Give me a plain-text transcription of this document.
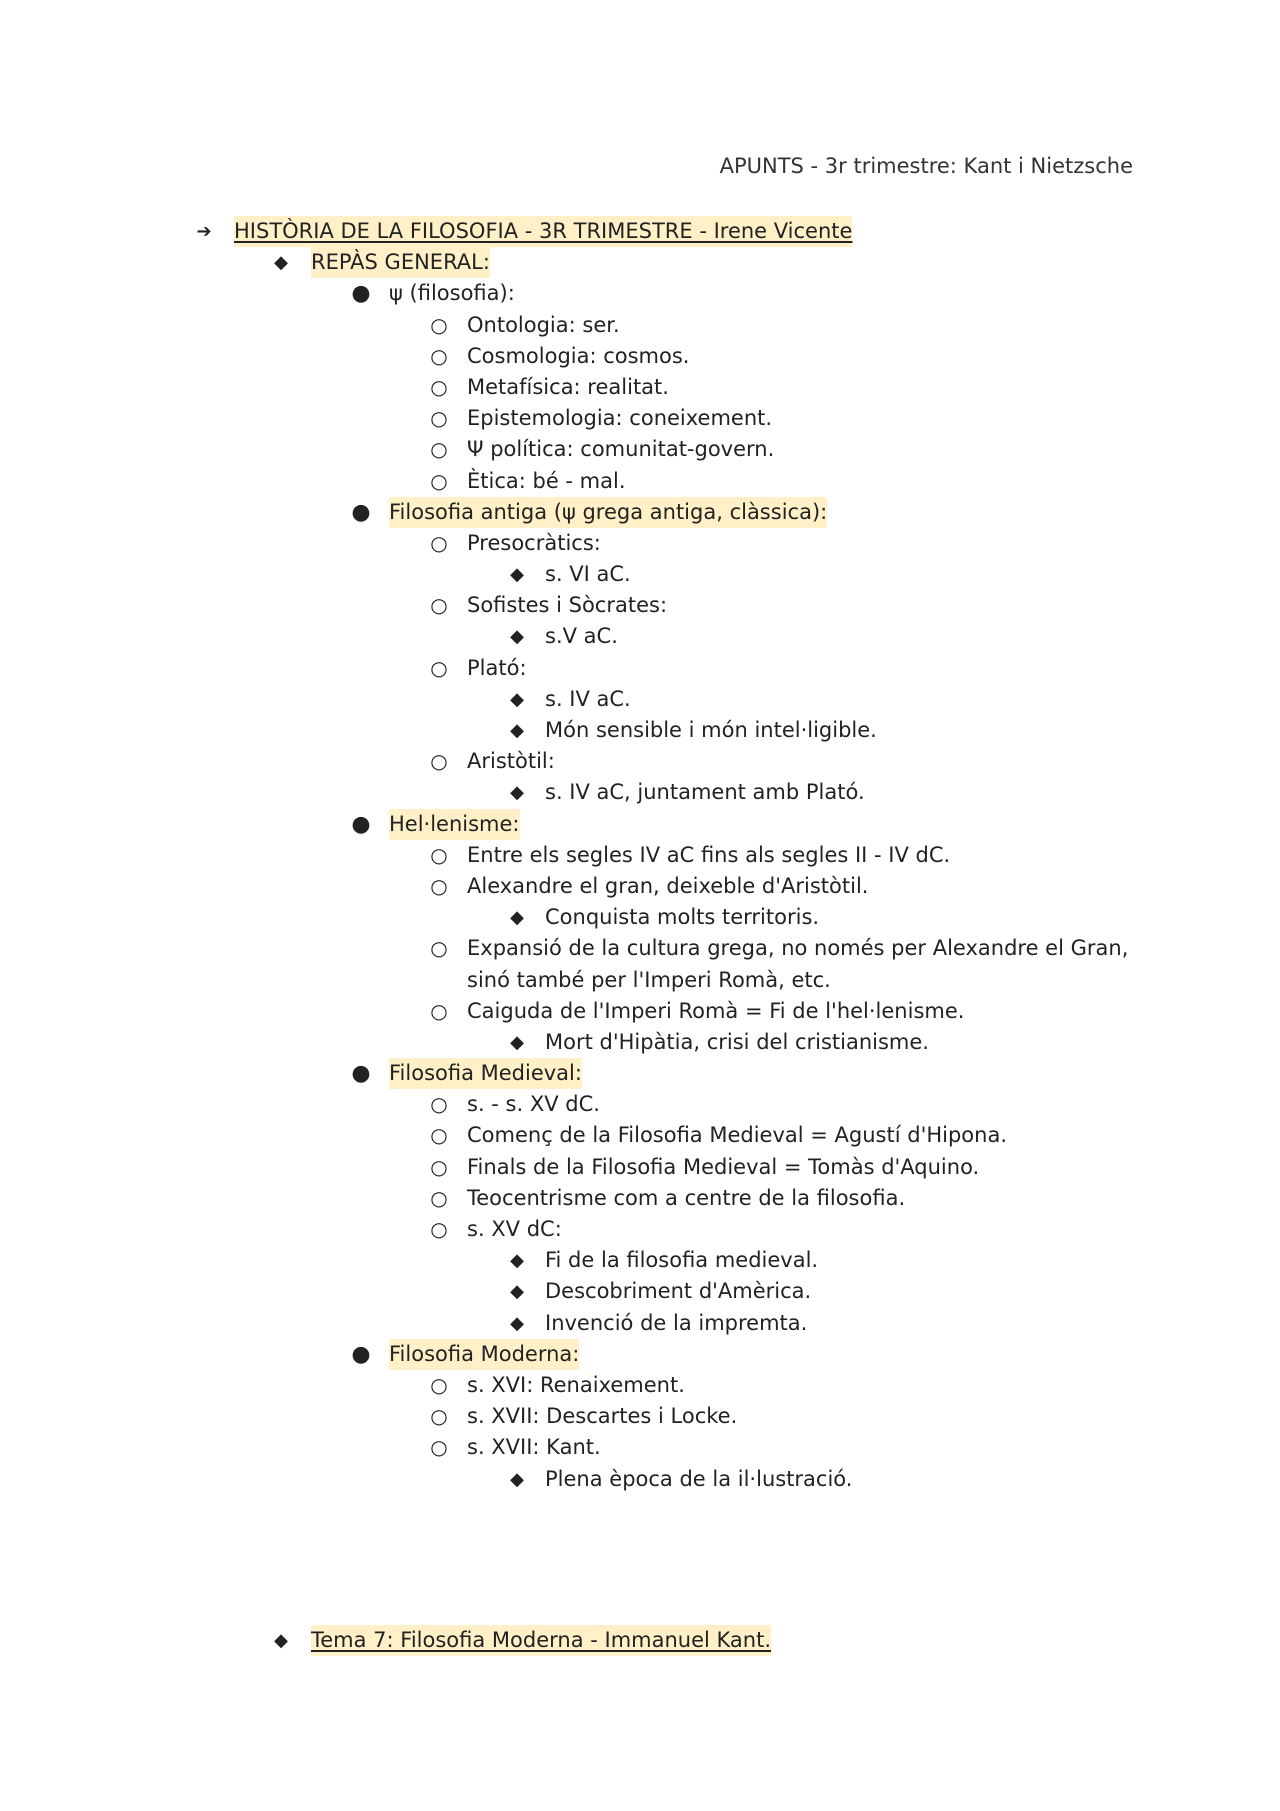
APUNTS - 3r trimestre: Kant i Nietzsche
➔ HISTÒRIA DE LA FILOSOFIA - 3R TRIMESTRE - Irene Vicente
◆ REPÀS GENERAL:
● ψ (filosofia):
○ Ontologia: ser.
○ Cosmologia: cosmos.
○ Metafísica: realitat.
○ Epistemologia: coneixement.
○ Ψ política: comunitat-govern.
○ Ètica: bé - mal.
● Filosofia antiga (ψ grega antiga, clàssica):
○ Presocràtics:
◆ s. VI aC.
○ Sofistes i Sòcrates:
◆ s.V aC.
○ Plató:
◆ s. IV aC.
◆ Món sensible i món intel·ligible.
○ Aristòtil:
◆ s. IV aC, juntament amb Plató.
● Hel·lenisme:
○ Entre els segles IV aC fins als segles II - IV dC.
○ Alexandre el gran, deixeble d'Aristòtil.
◆ Conquista molts territoris.
○ Expansió de la cultura grega, no només per Alexandre el Gran, sinó també per l'Imperi Romà, etc.
○ Caiguda de l'Imperi Romà = Fi de l'hel·lenisme.
◆ Mort d'Hipàtia, crisi del cristianisme.
● Filosofia Medieval:
○ s. - s. XV dC.
○ Començ de la Filosofia Medieval = Agustí d'Hipona.
○ Finals de la Filosofia Medieval = Tomàs d'Aquino.
○ Teocentrisme com a centre de la filosofia.
○ s. XV dC:
◆ Fi de la filosofia medieval.
◆ Descobriment d'Amèrica.
◆ Invenció de la impremta.
● Filosofia Moderna:
○ s. XVI: Renaixement.
○ s. XVII: Descartes i Locke.
○ s. XVII: Kant.
◆ Plena època de la il·lustració.
◆ Tema 7: Filosofia Moderna - Immanuel Kant.
